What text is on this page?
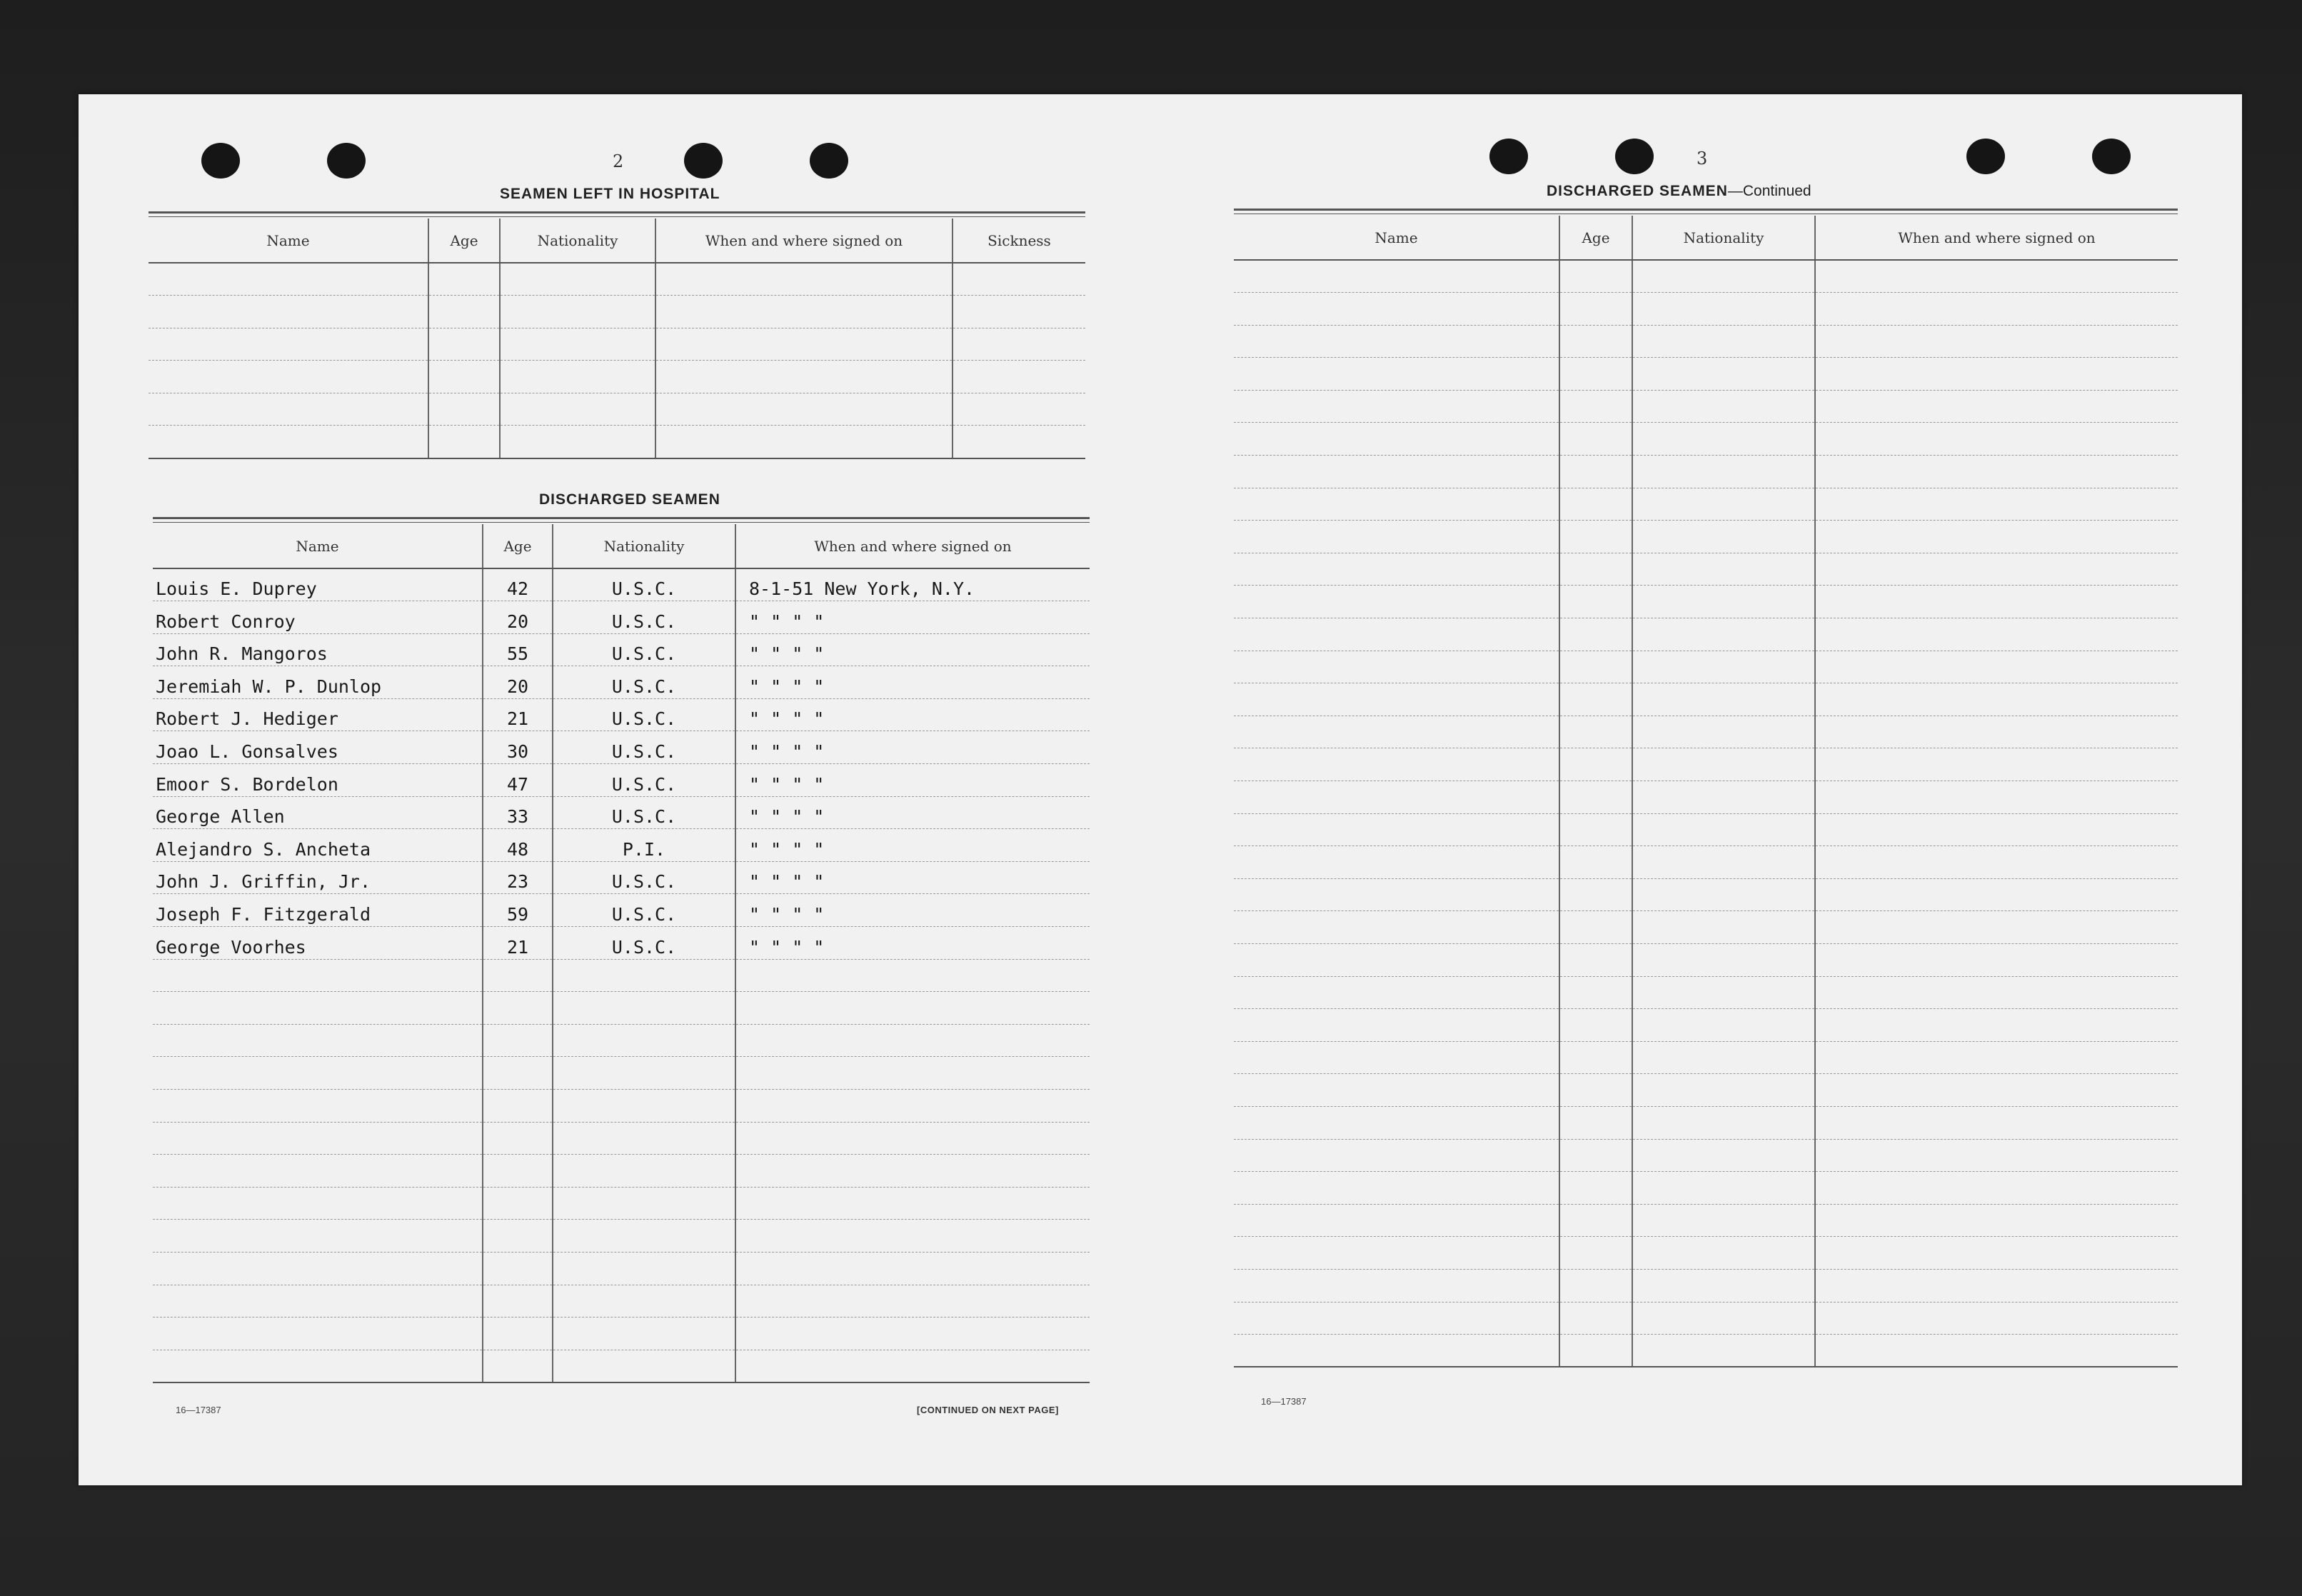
2
SEAMEN LEFT IN HOSPITAL
Name	Age	Nationality	When and where signed on	Sickness

DISCHARGED SEAMEN
Name	Age	Nationality	When and where signed on
Louis E. Duprey	42	U.S.C.	8-1-51 New York, N.Y.
Robert Conroy	20	U.S.C.	" " " "
John R. Mangoros	55	U.S.C.	" " " "
Jeremiah W. P. Dunlop	20	U.S.C.	" " " "
Robert J. Hediger	21	U.S.C.	" " " "
Joao L. Gonsalves	30	U.S.C.	" " " "
Emoor S. Bordelon	47	U.S.C.	" " " "
George Allen	33	U.S.C.	" " " "
Alejandro S. Ancheta	48	P.I.	" " " "
John J. Griffin, Jr.	23	U.S.C.	" " " "
Joseph F. Fitzgerald	59	U.S.C.	" " " "
George Voorhes	21	U.S.C.	" " " "

16—17387	[CONTINUED ON NEXT PAGE]
3
DISCHARGED SEAMEN—Continued
Name	Age	Nationality	When and where signed on

16—17387
